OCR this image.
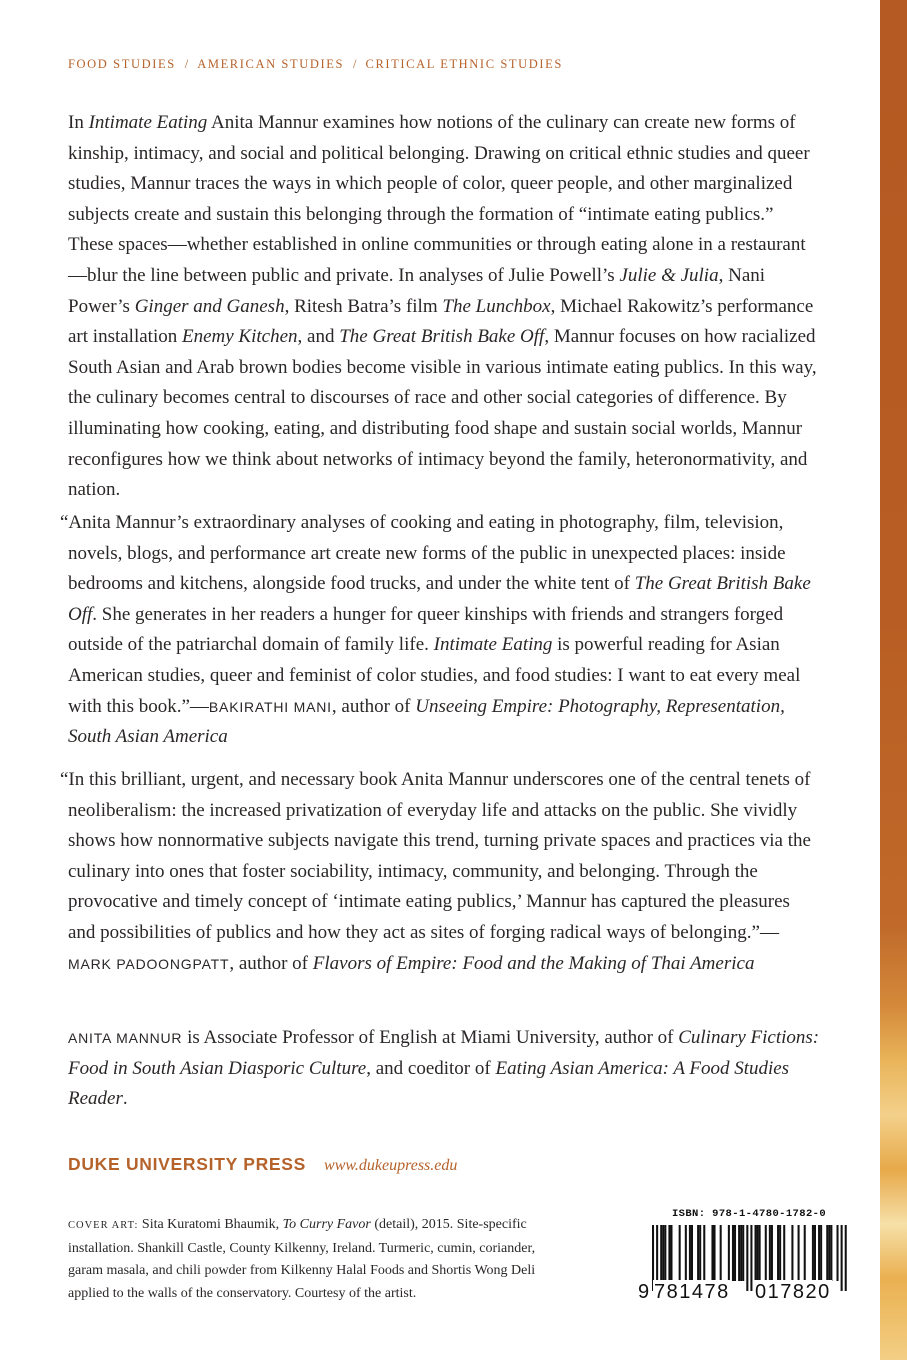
FOOD STUDIES / AMERICAN STUDIES / CRITICAL ETHNIC STUDIES

In Intimate Eating Anita Mannur examines how notions of the culinary can create new forms of kinship, intimacy, and social and political belonging. Drawing on critical ethnic studies and queer studies, Mannur traces the ways in which people of color, queer people, and other marginalized subjects create and sustain this belonging through the formation of “intimate eating publics.” These spaces—whether established in online communities or through eating alone in a restaurant—blur the line between public and private. In analyses of Julie Powell’s Julie & Julia, Nani Power’s Ginger and Ganesh, Ritesh Batra’s film The Lunchbox, Michael Rakowitz’s performance art installation Enemy Kitchen, and The Great British Bake Off, Mannur focuses on how racialized South Asian and Arab brown bodies become visible in various intimate eating publics. In this way, the culinary becomes central to discourses of race and other social categories of difference. By illuminating how cooking, eating, and distributing food shape and sustain social worlds, Mannur reconfigures how we think about networks of intimacy beyond the family, heteronormativity, and nation.

“Anita Mannur’s extraordinary analyses of cooking and eating in photography, film, television, novels, blogs, and performance art create new forms of the public in unexpected places: inside bedrooms and kitchens, alongside food trucks, and under the white tent of The Great British Bake Off. She generates in her readers a hunger for queer kinships with friends and strangers forged outside of the patriarchal domain of family life. Intimate Eating is powerful reading for Asian American studies, queer and feminist of color studies, and food studies: I want to eat every meal with this book.”—BAKIRATHI MANI, author of Unseeing Empire: Photography, Representation, South Asian America

“In this brilliant, urgent, and necessary book Anita Mannur underscores one of the central tenets of neoliberalism: the increased privatization of everyday life and attacks on the public. She vividly shows how nonnormative subjects navigate this trend, turning private spaces and practices via the culinary into ones that foster sociability, intimacy, community, and belonging. Through the provocative and timely concept of ‘intimate eating publics,’ Mannur has captured the pleasures and possibilities of publics and how they act as sites of forging radical ways of belonging.”—MARK PADOONGPATT, author of Flavors of Empire: Food and the Making of Thai America

ANITA MANNUR is Associate Professor of English at Miami University, author of Culinary Fictions: Food in South Asian Diasporic Culture, and coeditor of Eating Asian America: A Food Studies Reader.

DUKE UNIVERSITY PRESS www.dukeupress.edu
COVER ART: Sita Kuratomi Bhaumik, To Curry Favor (detail), 2015. Site-specific installation. Shankill Castle, County Kilkenny, Ireland. Turmeric, cumin, coriander, garam masala, and chili powder from Kilkenny Halal Foods and Shortis Wong Deli applied to the walls of the conservatory. Courtesy of the artist.
ISBN: 978-1-4780-1782-0
9 781478 017820
